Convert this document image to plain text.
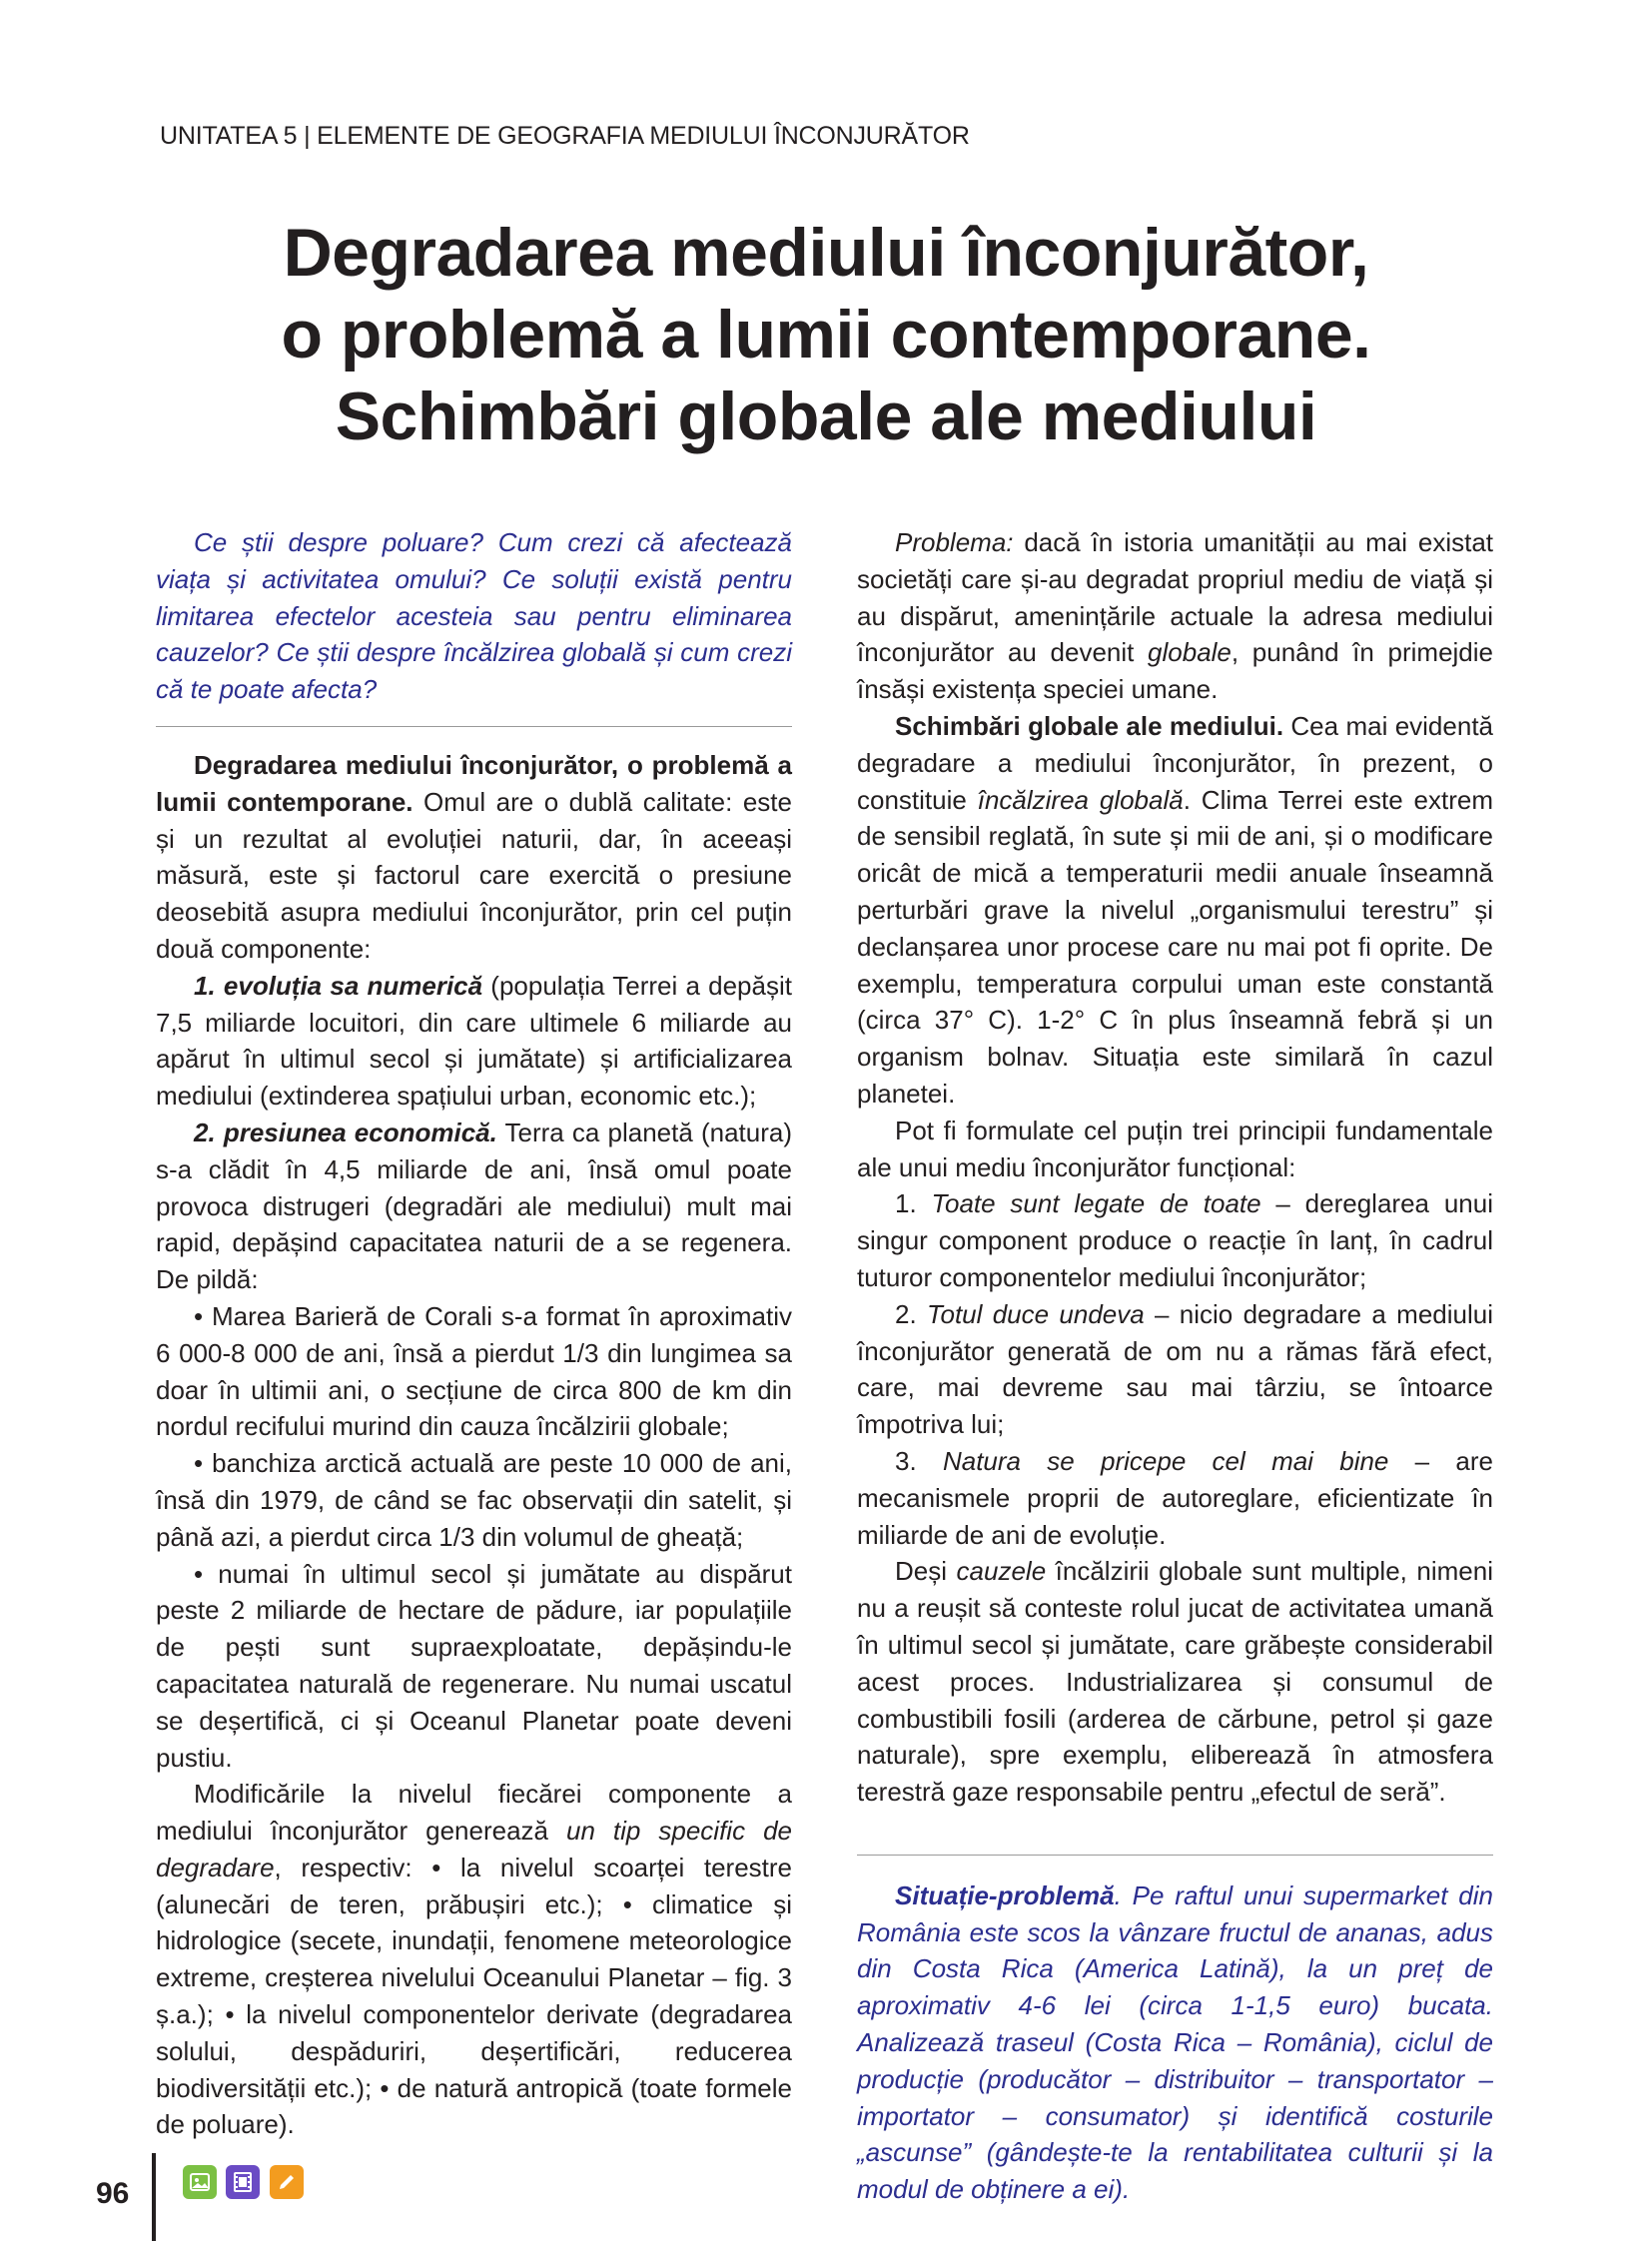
UNITATEA 5 | ELEMENTE DE GEOGRAFIA MEDIULUI ÎNCONJURĂTOR
Degradarea mediului înconjurător,
o problemă a lumii contemporane.
Schimbări globale ale mediului

Ce știi despre poluare? Cum crezi că afectează viața și activitatea omului? Ce soluții există pentru limitarea efectelor acesteia sau pentru eliminarea cauzelor? Ce știi despre încălzirea globală și cum crezi că te poate afecta?

Degradarea mediului înconjurător, o problemă a lumii contemporane. Omul are o dublă calitate: este și un rezultat al evoluției naturii, dar, în aceeași măsură, este și factorul care exercită o presiune deosebită asupra mediului înconjurător, prin cel puțin două componente:

1. evoluția sa numerică (populația Terrei a depășit 7,5 miliarde locuitori, din care ultimele 6 miliarde au apărut în ultimul secol și jumătate) și artificializarea mediului (extinderea spațiului urban, economic etc.);

2. presiunea economică. Terra ca planetă (natura) s-a clădit în 4,5 miliarde de ani, însă omul poate provoca distrugeri (degradări ale mediului) mult mai rapid, depășind capacitatea naturii de a se regenera. De pildă:

• Marea Barieră de Corali s-a format în aproximativ 6 000-8 000 de ani, însă a pierdut 1/3 din lungimea sa doar în ultimii ani, o secțiune de circa 800 de km din nordul recifului murind din cauza încălzirii globale;

• banchiza arctică actuală are peste 10 000 de ani, însă din 1979, de când se fac observații din satelit, și până azi, a pierdut circa 1/3 din volumul de gheață;

• numai în ultimul secol și jumătate au dispărut peste 2 miliarde de hectare de pădure, iar populațiile de pești sunt supraexploatate, depășindu-le capacitatea naturală de regenerare. Nu numai uscatul se deșertifică, ci și Oceanul Planetar poate deveni pustiu.

Modificările la nivelul fiecărei componente a mediului înconjurător generează un tip specific de degradare, respectiv: • la nivelul scoarței terestre (alunecări de teren, prăbușiri etc.); • climatice și hidrologice (secete, inundații, fenomene meteorologice extreme, creșterea nivelului Oceanului Planetar – fig. 3 ș.a.); • la nivelul componentelor derivate (degradarea solului, despăduriri, deșertificări, reducerea biodiversității etc.); • de natură antropică (toate formele de poluare).

Problema: dacă în istoria umanității au mai existat societăți care și-au degradat propriul mediu de viață și au dispărut, amenințările actuale la adresa mediului înconjurător au devenit globale, punând în primejdie însăși existența speciei umane.

Schimbări globale ale mediului. Cea mai evidentă degradare a mediului înconjurător, în prezent, o constituie încălzirea globală. Clima Terrei este extrem de sensibil reglată, în sute și mii de ani, și o modificare oricât de mică a temperaturii medii anuale înseamnă perturbări grave la nivelul „organismului terestru” și declanșarea unor procese care nu mai pot fi oprite. De exemplu, temperatura corpului uman este constantă (circa 37° C). 1-2° C în plus înseamnă febră și un organism bolnav. Situația este similară în cazul planetei.

Pot fi formulate cel puțin trei principii fundamentale ale unui mediu înconjurător funcțional:

1. Toate sunt legate de toate – dereglarea unui singur component produce o reacție în lanț, în cadrul tuturor componentelor mediului înconjurător;

2. Totul duce undeva – nicio degradare a mediului înconjurător generată de om nu a rămas fără efect, care, mai devreme sau mai târziu, se întoarce împotriva lui;

3. Natura se pricepe cel mai bine – are mecanismele proprii de autoreglare, eficientizate în miliarde de ani de evoluție.

Deși cauzele încălzirii globale sunt multiple, nimeni nu a reușit să conteste rolul jucat de activitatea umană în ultimul secol și jumătate, care grăbește considerabil acest proces. Industrializarea și consumul de combustibili fosili (arderea de cărbune, petrol și gaze naturale), spre exemplu, eliberează în atmosfera terestră gaze responsabile pentru „efectul de seră”.

Situație-problemă. Pe raftul unui supermarket din România este scos la vânzare fructul de ananas, adus din Costa Rica (America Latină), la un preț de aproximativ 4-6 lei (circa 1-1,5 euro) bucata. Analizează traseul (Costa Rica – România), ciclul de producție (producător – distribuitor – transportator – importator – consumator) și identifică costurile „ascunse” (gândește-te la rentabilitatea culturii și la modul de obținere a ei).

96
